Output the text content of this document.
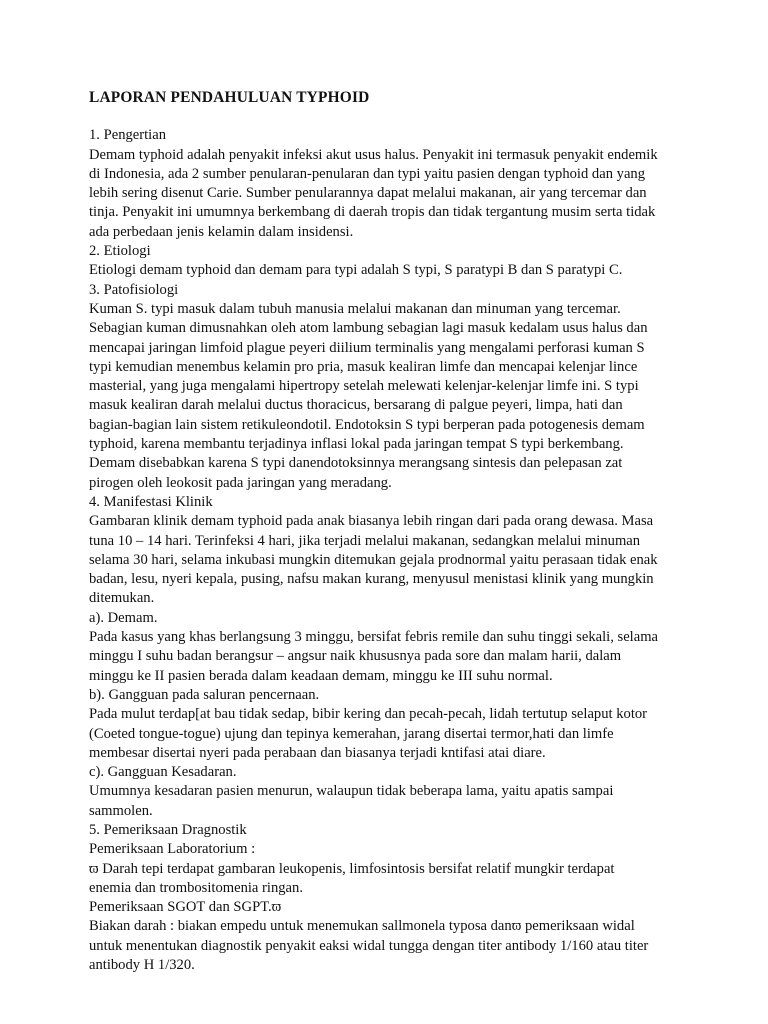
LAPORAN PENDAHULUAN TYPHOID
1. Pengertian
Demam typhoid adalah penyakit infeksi akut usus halus. Penyakit ini termasuk penyakit endemik
di Indonesia, ada 2 sumber penularan-penularan dan typi yaitu pasien dengan typhoid dan yang
lebih sering disenut Carie. Sumber penularannya dapat melalui makanan, air yang tercemar dan
tinja. Penyakit ini umumnya berkembang di daerah tropis dan tidak tergantung musim serta tidak
ada perbedaan jenis kelamin dalam insidensi.
2. Etiologi
Etiologi demam typhoid dan demam para typi adalah S typi, S paratypi B dan S paratypi C.
3. Patofisiologi
Kuman S. typi masuk dalam tubuh manusia melalui makanan dan minuman yang tercemar.
Sebagian kuman dimusnahkan oleh atom lambung sebagian lagi masuk kedalam usus halus dan
mencapai jaringan limfoid plague peyeri diilium terminalis yang mengalami perforasi kuman S
typi kemudian menembus kelamin pro pria, masuk kealiran limfe dan mencapai kelenjar lince
masterial, yang juga mengalami hipertropy setelah melewati kelenjar-kelenjar limfe ini. S typi
masuk kealiran darah melalui ductus thoracicus, bersarang di palgue peyeri, limpa, hati dan
bagian-bagian lain sistem retikuleondotil. Endotoksin S typi berperan pada potogenesis demam
typhoid, karena membantu terjadinya inflasi lokal pada jaringan tempat S typi berkembang.
Demam disebabkan karena S typi danendotoksinnya merangsang sintesis dan pelepasan zat
pirogen oleh leokosit pada jaringan yang meradang.
4. Manifestasi Klinik
Gambaran klinik demam typhoid pada anak biasanya lebih ringan dari pada orang dewasa. Masa
tuna 10 – 14 hari. Terinfeksi 4 hari, jika terjadi melalui makanan, sedangkan melalui minuman
selama 30 hari, selama inkubasi mungkin ditemukan gejala prodnormal yaitu perasaan tidak enak
badan, lesu, nyeri kepala, pusing, nafsu makan kurang, menyusul menistasi klinik yang mungkin
ditemukan.
a). Demam.
Pada kasus yang khas berlangsung 3 minggu, bersifat febris remile dan suhu tinggi sekali, selama
minggu I suhu badan berangsur – angsur naik khususnya pada sore dan malam harii, dalam
minggu ke II pasien berada dalam keadaan demam, minggu ke III suhu normal.
b). Gangguan pada saluran pencernaan.
Pada mulut terdap[at bau tidak sedap, bibir kering dan pecah-pecah, lidah tertutup selaput kotor
(Coeted tongue-togue) ujung dan tepinya kemerahan, jarang disertai termor,hati dan limfe
membesar disertai nyeri pada perabaan dan biasanya terjadi kntifasi atai diare.
c). Gangguan Kesadaran.
Umumnya kesadaran pasien menurun, walaupun tidak beberapa lama, yaitu apatis sampai
sammolen.
5. Pemeriksaan Dragnostik
Pemeriksaan Laboratorium :
ϖ Darah tepi terdapat gambaran leukopenis, limfosintosis bersifat relatif mungkir terdapat
enemia dan trombositomenia ringan.
Pemeriksaan SGOT dan SGPT.ϖ
Biakan darah : biakan empedu untuk menemukan sallmonela typosa danϖ pemeriksaan widal
untuk menentukan diagnostik penyakit eaksi widal tungga dengan titer antibody 1/160 atau titer
antibody H 1/320.
